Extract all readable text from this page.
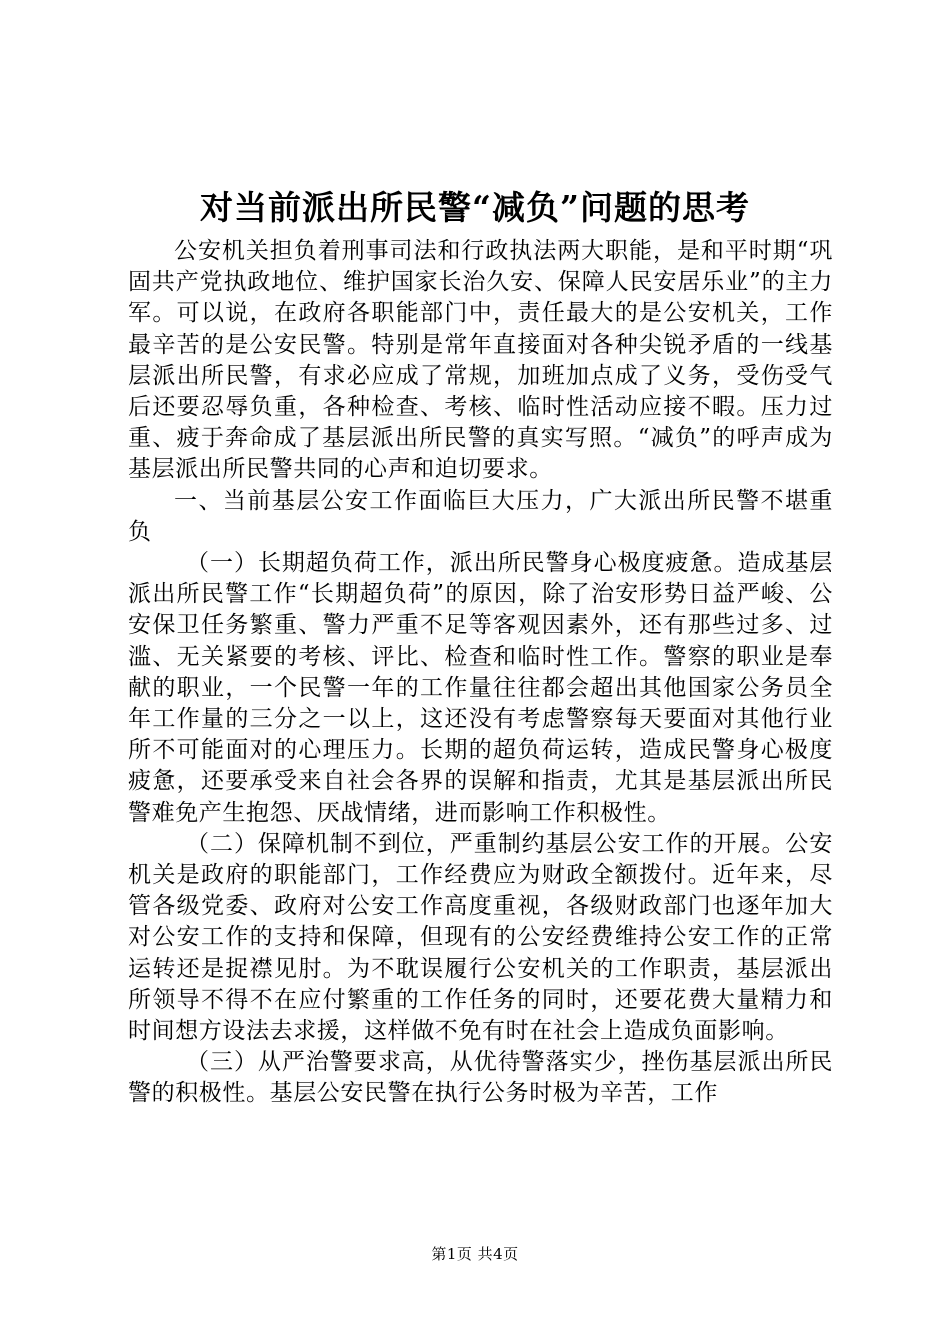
对当前派出所民警“减负”问题的思考

公安机关担负着刑事司法和行政执法两大职能，是和平时期“巩固共产党执政地位、维护国家长治久安、保障人民安居乐业”的主力军。可以说，在政府各职能部门中，责任最大的是公安机关，工作最辛苦的是公安民警。特别是常年直接面对各种尖锐矛盾的一线基层派出所民警，有求必应成了常规，加班加点成了义务，受伤受气后还要忍辱负重，各种检查、考核、临时性活动应接不暇。压力过重、疲于奔命成了基层派出所民警的真实写照。“减负”的呼声成为基层派出所民警共同的心声和迫切要求。

一、当前基层公安工作面临巨大压力，广大派出所民警不堪重负

（一）长期超负荷工作，派出所民警身心极度疲惫。造成基层派出所民警工作“长期超负荷”的原因，除了治安形势日益严峻、公安保卫任务繁重、警力严重不足等客观因素外，还有那些过多、过滥、无关紧要的考核、评比、检查和临时性工作。警察的职业是奉献的职业，一个民警一年的工作量往往都会超出其他国家公务员全年工作量的三分之一以上，这还没有考虑警察每天要面对其他行业所不可能面对的心理压力。长期的超负荷运转，造成民警身心极度疲惫，还要承受来自社会各界的误解和指责，尤其是基层派出所民警难免产生抱怨、厌战情绪，进而影响工作积极性。

（二）保障机制不到位，严重制约基层公安工作的开展。公安机关是政府的职能部门，工作经费应为财政全额拨付。近年来，尽管各级党委、政府对公安工作高度重视，各级财政部门也逐年加大对公安工作的支持和保障，但现有的公安经费维持公安工作的正常运转还是捉襟见肘。为不耽误履行公安机关的工作职责，基层派出所领导不得不在应付繁重的工作任务的同时，还要花费大量精力和时间想方设法去求援，这样做不免有时在社会上造成负面影响。

（三）从严治警要求高，从优待警落实少，挫伤基层派出所民警的积极性。基层公安民警在执行公务时极为辛苦，工作

第1页 共4页
